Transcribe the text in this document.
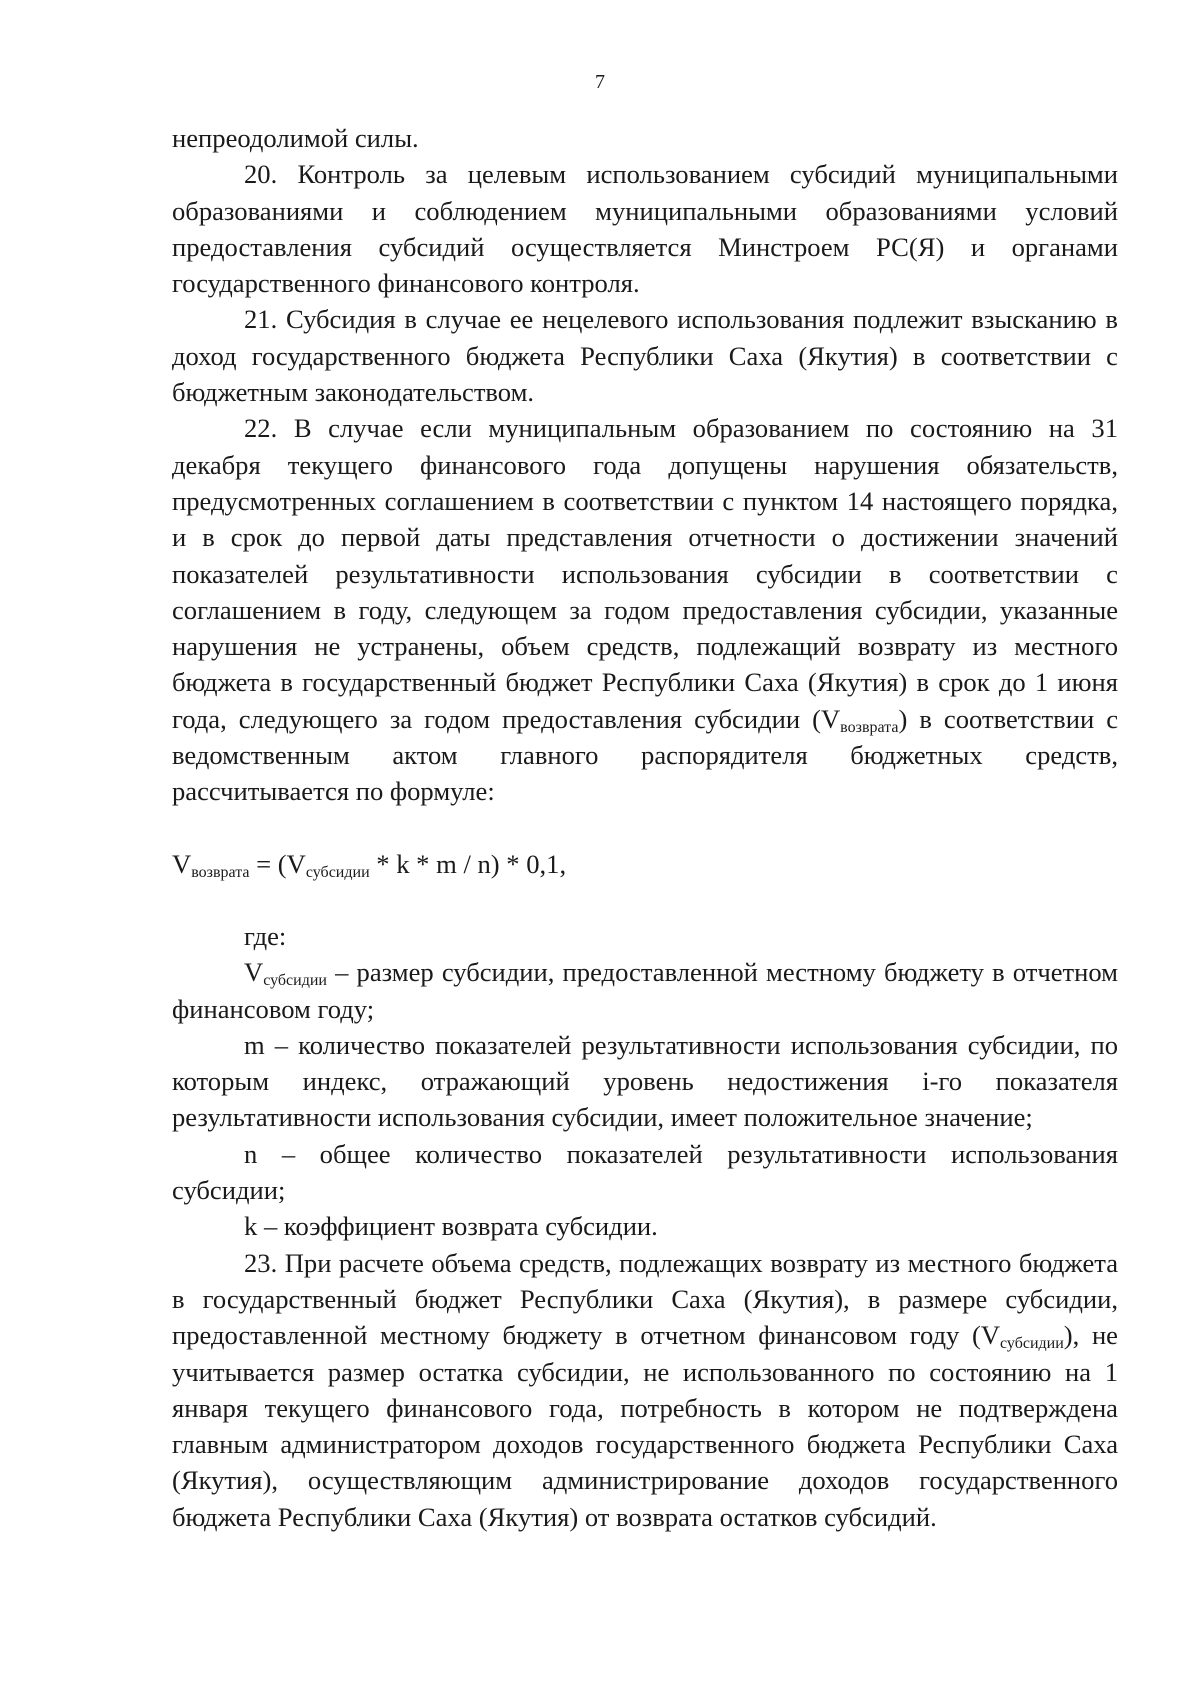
7

непреодолимой силы.

20. Контроль за целевым использованием субсидий муниципальными образованиями и соблюдением муниципальными образованиями условий предоставления субсидий осуществляется Минстроем РС(Я) и органами государственного финансового контроля.

21. Субсидия в случае ее нецелевого использования подлежит взысканию в доход государственного бюджета Республики Саха (Якутия) в соответствии с бюджетным законодательством.

22. В случае если муниципальным образованием по состоянию на 31 декабря текущего финансового года допущены нарушения обязательств, предусмотренных соглашением в соответствии с пунктом 14 настоящего порядка, и в срок до первой даты представления отчетности о достижении значений показателей результативности использования субсидии в соответствии с соглашением в году, следующем за годом предоставления субсидии, указанные нарушения не устранены, объем средств, подлежащий возврату из местного бюджета в государственный бюджет Республики Саха (Якутия) в срок до 1 июня года, следующего за годом предоставления субсидии $(V_{возврата})$ в соответствии с ведомственным актом главного распорядителя бюджетных средств, рассчитывается по формуле:

$V_{возврата} = (V_{субсидии} * k * m / n) * 0,1$,

где:

$V_{субсидии}$ – размер субсидии, предоставленной местному бюджету в отчетном финансовом году;

m – количество показателей результативности использования субсидии, по которым индекс, отражающий уровень недостижения i-го показателя результативности использования субсидии, имеет положительное значение;

n – общее количество показателей результативности использования субсидии;

k – коэффициент возврата субсидии.

23. При расчете объема средств, подлежащих возврату из местного бюджета в государственный бюджет Республики Саха (Якутия), в размере субсидии, предоставленной местному бюджету в отчетном финансовом году $(V_{субсидии})$, не учитывается размер остатка субсидии, не использованного по состоянию на 1 января текущего финансового года, потребность в котором не подтверждена главным администратором доходов государственного бюджета Республики Саха (Якутия), осуществляющим администрирование доходов государственного бюджета Республики Саха (Якутия) от возврата остатков субсидий.
